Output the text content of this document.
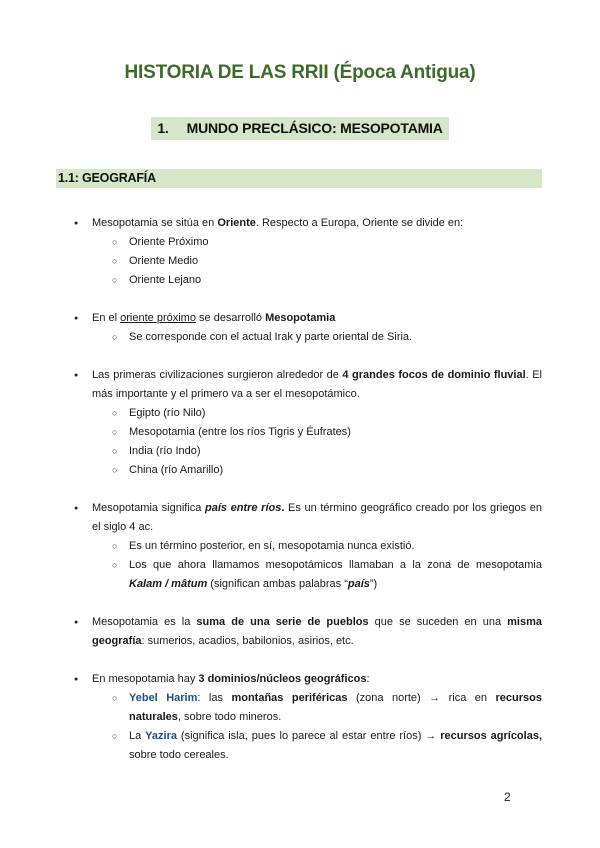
HISTORIA DE LAS RRII (Época Antigua)
1. MUNDO PRECLÁSICO: MESOPOTAMIA
1.1: GEOGRAFÍA
● Mesopotamia se sitúa en Oriente. Respecto a Europa, Oriente se divide en:
○ Oriente Próximo
○ Oriente Medio
○ Oriente Lejano
● En el oriente próximo se desarrolló Mesopotamia
○ Se corresponde con el actual Irak y parte oriental de Siria.
● Las primeras civilizaciones surgieron alrededor de 4 grandes focos de dominio fluvial. El más importante y el primero va a ser el mesopotámico.
○ Egipto (río Nilo)
○ Mesopotamia (entre los ríos Tigris y Éufrates)
○ India (río Indo)
○ China (río Amarillo)
● Mesopotamia significa país entre ríos. Es un término geográfico creado por los griegos en el siglo 4 ac.
○ Es un término posterior, en sí, mesopotamia nunca existió.
○ Los que ahora llamamos mesopotámicos llamaban a la zona de mesopotamia Kalam / mâtum (significan ambas palabras “país”)
● Mesopotamia es la suma de una serie de pueblos que se suceden en una misma geografía: sumerios, acadios, babilonios, asirios, etc.
● En mesopotamia hay 3 dominios/núcleos geográficos:
○ Yebel Harim: las montañas periféricas (zona norte) → rica en recursos naturales, sobre todo mineros.
○ La Yazira (significa isla, pues lo parece al estar entre ríos) → recursos agrícolas, sobre todo cereales.
2
